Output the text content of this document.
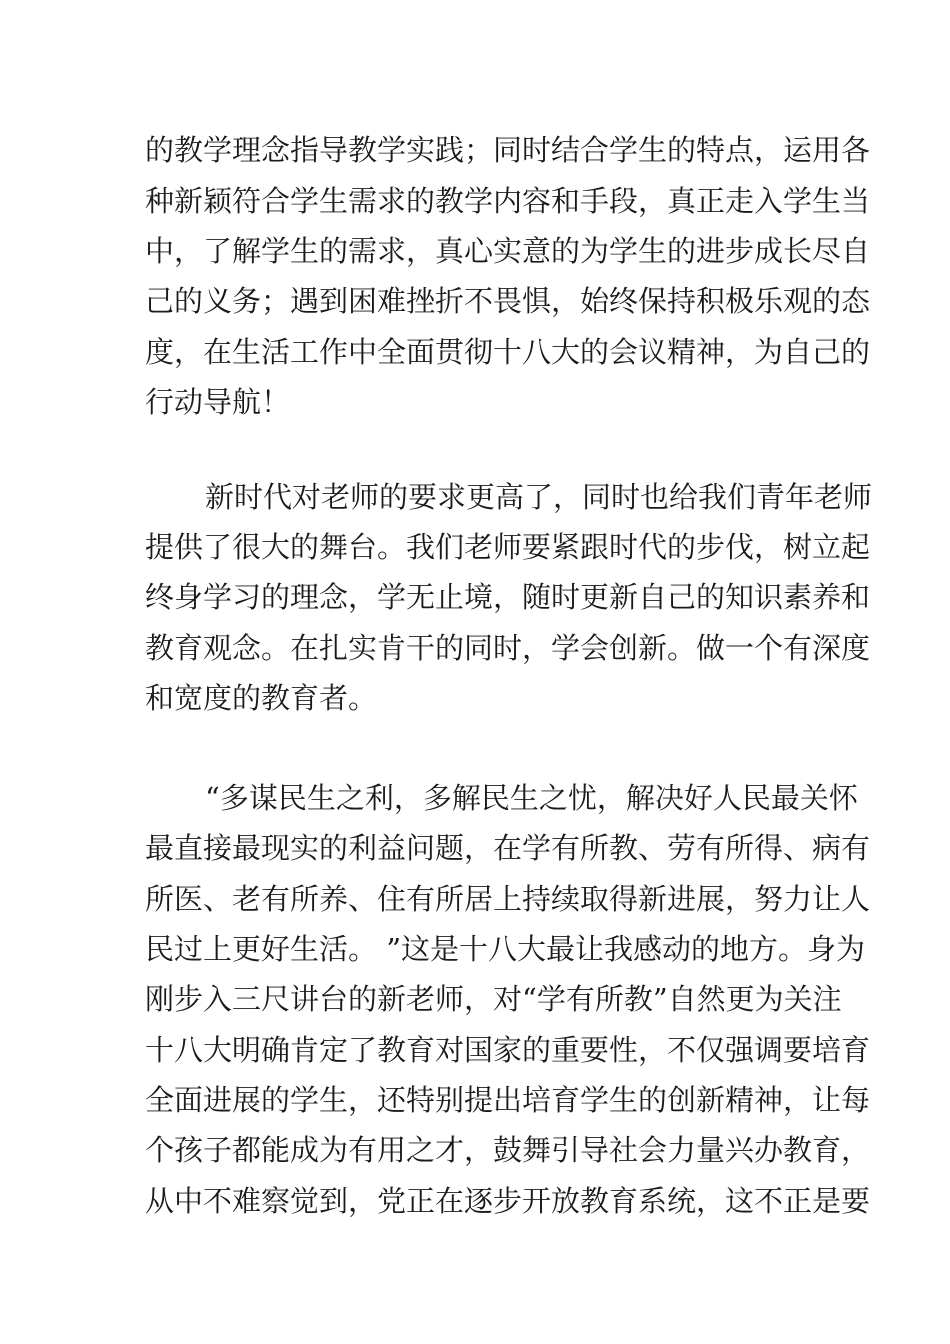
的教学理念指导教学实践；同时结合学生的特点，运用各
种新颖符合学生需求的教学内容和手段，真正走入学生当
中，了解学生的需求，真心实意的为学生的进步成长尽自
己的义务；遇到困难挫折不畏惧，始终保持积极乐观的态
度，在生活工作中全面贯彻十八大的会议精神，为自己的
行动导航！
新时代对老师的要求更高了，同时也给我们青年老师
提供了很大的舞台。我们老师要紧跟时代的步伐，树立起
终身学习的理念，学无止境，随时更新自己的知识素养和
教育观念。在扎实肯干的同时，学会创新。做一个有深度
和宽度的教育者。
“多谋民生之利，多解民生之忧，解决好人民最关怀
最直接最现实的利益问题，在学有所教、劳有所得、病有
所医、老有所养、住有所居上持续取得新进展，努力让人
民过上更好生活。 ”这是十八大最让我感动的地方。身为
刚步入三尺讲台的新老师，对“学有所教”自然更为关注
十八大明确肯定了教育对国家的重要性，不仅强调要培育
全面进展的学生，还特别提出培育学生的创新精神，让每
个孩子都能成为有用之才，鼓舞引导社会力量兴办教育，
从中不难察觉到，党正在逐步开放教育系统，这不正是要
